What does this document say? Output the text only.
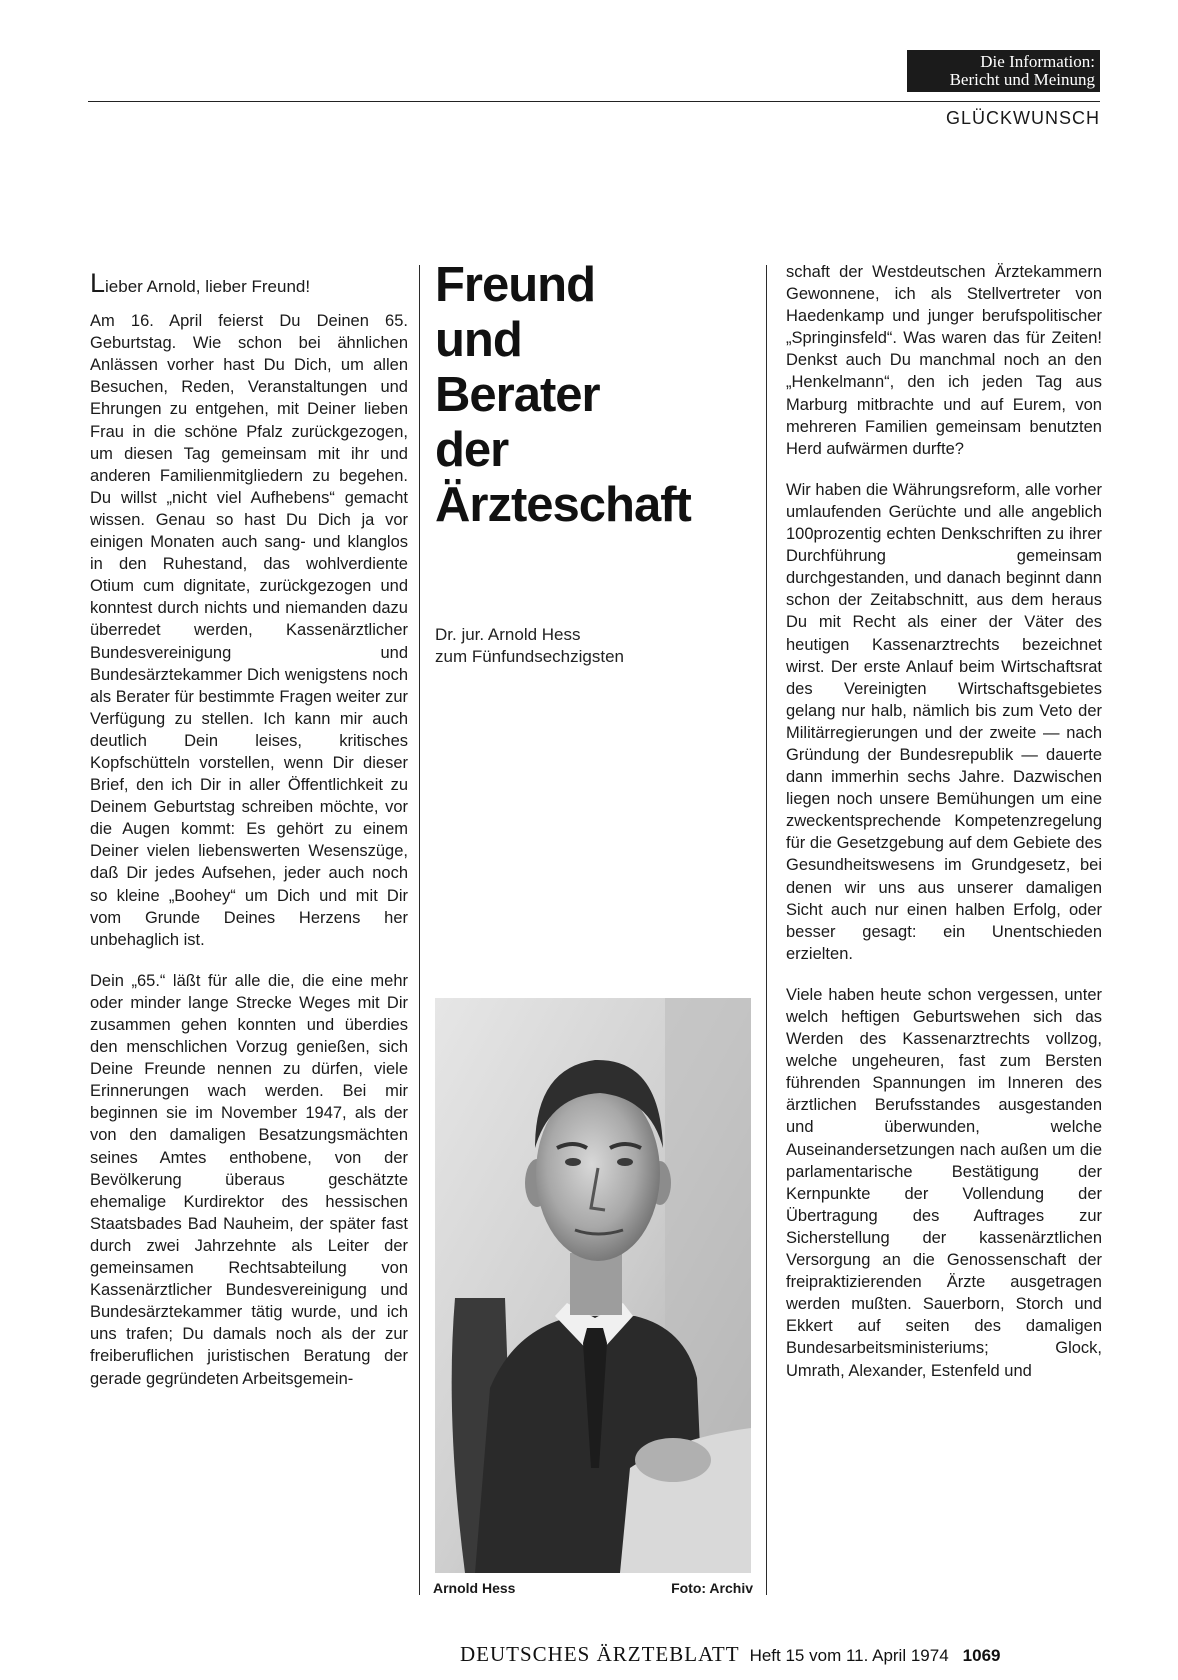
Die Information:
Bericht und Meinung
GLÜCKWUNSCH

Lieber Arnold, lieber Freund!

Am 16. April feierst Du Deinen 65. Geburtstag. Wie schon bei ähnlichen Anlässen vorher hast Du Dich, um allen Besuchen, Reden, Veranstaltungen und Ehrungen zu entgehen, mit Deiner lieben Frau in die schöne Pfalz zurückgezogen, um diesen Tag gemeinsam mit ihr und anderen Familienmitgliedern zu begehen. Du willst „nicht viel Aufhebens“ gemacht wissen. Genau so hast Du Dich ja vor einigen Monaten auch sang- und klanglos in den Ruhestand, das wohlverdiente Otium cum dignitate, zurückgezogen und konntest durch nichts und niemanden dazu überredet werden, Kassenärztlicher Bundesvereinigung und Bundesärztekammer Dich wenigstens noch als Berater für bestimmte Fragen weiter zur Verfügung zu stellen. Ich kann mir auch deutlich Dein leises, kritisches Kopfschütteln vorstellen, wenn Dir dieser Brief, den ich Dir in aller Öffentlichkeit zu Deinem Geburtstag schreiben möchte, vor die Augen kommt: Es gehört zu einem Deiner vielen liebenswerten Wesenszüge, daß Dir jedes Aufsehen, jeder auch noch so kleine „Boohey“ um Dich und mit Dir vom Grunde Deines Herzens her unbehaglich ist.

Dein „65.“ läßt für alle die, die eine mehr oder minder lange Strecke Weges mit Dir zusammen gehen konnten und überdies den menschlichen Vorzug genießen, sich Deine Freunde nennen zu dürfen, viele Erinnerungen wach werden. Bei mir beginnen sie im November 1947, als der von den damaligen Besatzungsmächten seines Amtes enthobene, von der Bevölkerung überaus geschätzte ehemalige Kurdirektor des hessischen Staatsbades Bad Nauheim, der später fast durch zwei Jahrzehnte als Leiter der gemeinsamen Rechtsabteilung von Kassenärztlicher Bundesvereinigung und Bundesärztekammer tätig wurde, und ich uns trafen; Du damals noch als der zur freiberuflichen juristischen Beratung der gerade gegründeten Arbeitsgemein-

Freund
und
Berater
der
Ärzteschaft
Dr. jur. Arnold Hess
zum Fünfundsechzigsten
Arnold Hess	Foto: Archiv

schaft der Westdeutschen Ärztekammern Gewonnene, ich als Stellvertreter von Haedenkamp und junger berufspolitischer „Springinsfeld“. Was waren das für Zeiten! Denkst auch Du manchmal noch an den „Henkelmann“, den ich jeden Tag aus Marburg mitbrachte und auf Eurem, von mehreren Familien gemeinsam benutzten Herd aufwärmen durfte?

Wir haben die Währungsreform, alle vorher umlaufenden Gerüchte und alle angeblich 100prozentig echten Denkschriften zu ihrer Durchführung gemeinsam durchgestanden, und danach beginnt dann schon der Zeitabschnitt, aus dem heraus Du mit Recht als einer der Väter des heutigen Kassenarztrechts bezeichnet wirst. Der erste Anlauf beim Wirtschaftsrat des Vereinigten Wirtschaftsgebietes gelang nur halb, nämlich bis zum Veto der Militärregierungen und der zweite — nach Gründung der Bundesrepublik — dauerte dann immerhin sechs Jahre. Dazwischen liegen noch unsere Bemühungen um eine zweckentsprechende Kompetenzregelung für die Gesetzgebung auf dem Gebiete des Gesundheitswesens im Grundgesetz, bei denen wir uns aus unserer damaligen Sicht auch nur einen halben Erfolg, oder besser gesagt: ein Unentschieden erzielten.

Viele haben heute schon vergessen, unter welch heftigen Geburtswehen sich das Werden des Kassenarztrechts vollzog, welche ungeheuren, fast zum Bersten führenden Spannungen im Inneren des ärztlichen Berufsstandes ausgestanden und überwunden, welche Auseinandersetzungen nach außen um die parlamentarische Bestätigung der Kernpunkte der Vollendung der Übertragung des Auftrages zur Sicherstellung der kassenärztlichen Versorgung an die Genossenschaft der freipraktizierenden Ärzte ausgetragen werden mußten. Sauerborn, Storch und Ekkert auf seiten des damaligen Bundesarbeitsministeriums; Glock, Umrath, Alexander, Estenfeld und

DEUTSCHES ÄRZTEBLATT Heft 15 vom 11. April 1974 1069
